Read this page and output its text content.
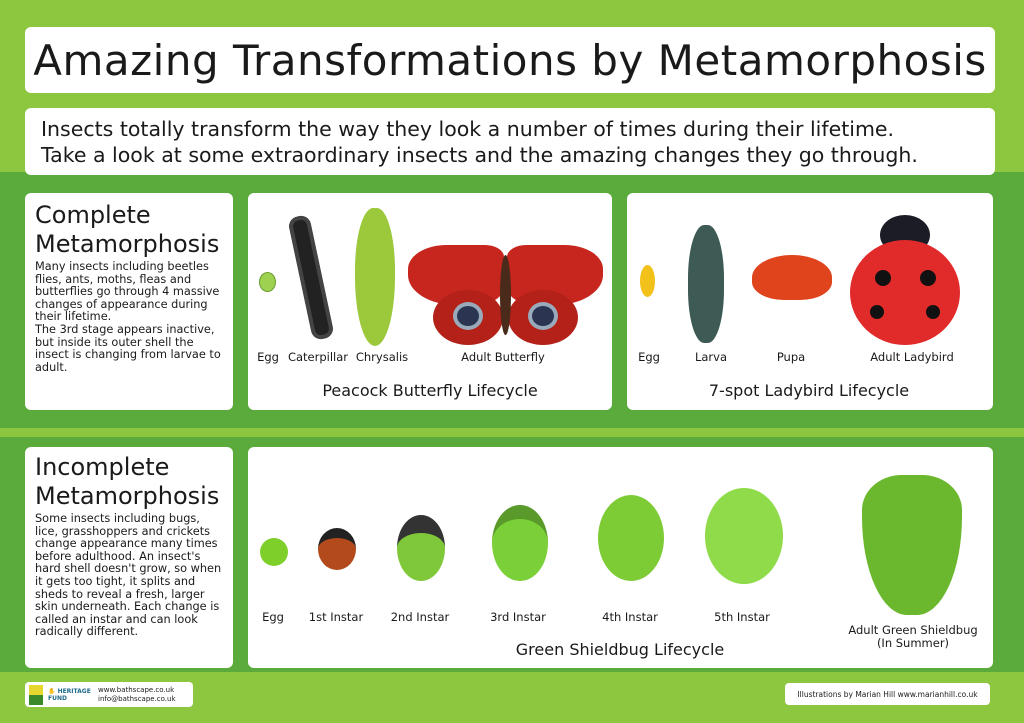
Amazing Transformations by Metamorphosis
Insects totally transform the way they look a number of times during their lifetime.
Take a look at some extraordinary insects and the amazing changes they go through.
Complete
Metamorphosis

Many insects including beetles flies, ants, moths, fleas and butterflies go through 4 massive changes of appearance during their lifetime.

The 3rd stage appears inactive, but inside its outer shell the insect is changing from larvae to adult.

Incomplete
Metamorphosis

Some insects including bugs, lice, grasshoppers and crickets change appearance many times before adulthood. An insect's hard shell doesn't grow, so when it gets too tight, it splits and sheds to reveal a fresh, larger skin underneath. Each change is called an instar and can look radically different.

Egg Caterpillar Chrysalis	Adult Butterfly
Peacock Butterfly Lifecycle
Egg	Larva	Pupa	Adult Ladybird
7-spot Ladybird Lifecycle
Egg 1st Instar 2nd Instar	3rd Instar	4th Instar	5th Instar
Adult Green Shieldbug
(In Summer)
Green Shieldbug Lifecycle
✋ HERITAGE FUND
www.bathscape.co.uk
info@bathscape.co.uk	Illustrations by Marian Hill www.marianhill.co.uk
